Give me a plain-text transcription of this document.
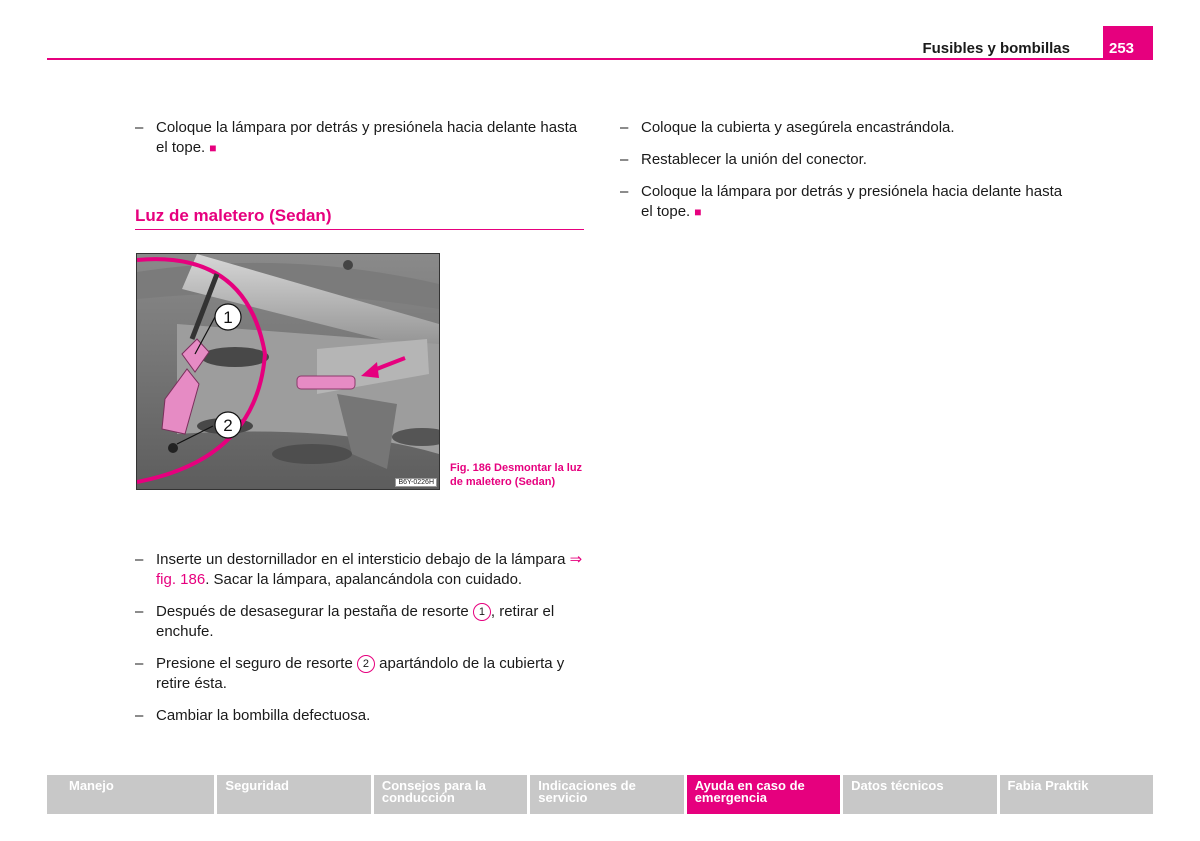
Fusibles y bombillas	253
– Coloque la lámpara por detrás y presiónela hacia delante hasta el tope. ■
Luz de maletero (Sedan)
1
2
B6Y-0226H
Fig. 186 Desmontar la luz de maletero (Sedan)
– Inserte un destornillador en el intersticio debajo de la lámpara ⇒ fig. 186. Sacar la lámpara, apalancándola con cuidado.
– Después de desasegurar la pestaña de resorte 1 , retirar el enchufe.
– Presione el seguro de resorte 2 apartándolo de la cubierta y retire ésta.
– Cambiar la bombilla defectuosa.
– Coloque la cubierta y asegúrela encastrándola.
– Restablecer la unión del conector.
– Coloque la lámpara por detrás y presiónela hacia delante hasta el tope. ■
Manejo	Seguridad	Consejos para la conducción
Indicaciones de servicio
Ayuda en caso de emergencia
Datos técnicos	Fabia Praktik
